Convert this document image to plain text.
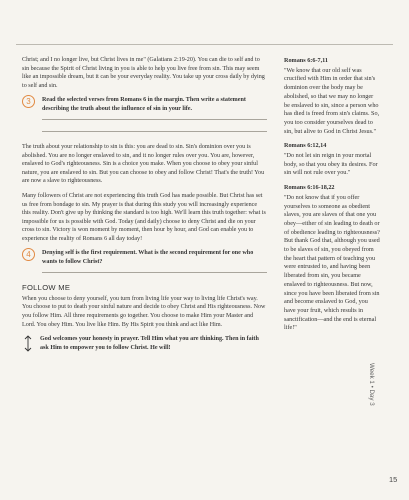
Christ; and I no longer live, but Christ lives in me" (Galatians 2:19-20). You can die to self and to sin because the Spirit of Christ living in you is able to help you live free from sin. This may seem like an impossible dream, but it can be your everyday reality. You take up your cross daily by dying to self and sin.

3	Read the selected verses from Romans 6 in the margin. Then write a statement describing the truth about the influence of sin in your life.

The truth about your relationship to sin is this: you are dead to sin. Sin's dominion over you is abolished. You are no longer enslaved to sin, and it no longer rules over you. You are, however, enslaved to God's righteousness. Sin is a choice you make. When you choose to obey your sinful nature, you are enslaved to sin. But you can choose to obey and follow Christ! That's the truth! You are now a slave to righteousness.

Many followers of Christ are not experiencing this truth God has made possible. But Christ has set us free from bondage to sin. My prayer is that during this study you will increasingly experience this reality. Don't give up by thinking the standard is too high. We'll learn this truth together: what is impossible for us is possible with God. Today (and daily) choose to deny Christ and die on your cross to sin. Victory is won moment by moment, then hour by hour, and God can enable you to experience the reality of Romans 6 all day today!

4	Denying self is the first requirement. What is the second requirement for one who wants to follow Christ?
FOLLOW ME

When you choose to deny yourself, you turn from living life your way to living life Christ's way. You choose to put to death your sinful nature and decide to obey Christ and His righteousness. Now you follow Him. All three requirements go together. You choose to make Him your Master and Lord. You obey Him. You live like Him. By His Spirit you think and act like Him.

God welcomes your honesty in prayer. Tell Him what you are thinking. Then in faith ask Him to empower you to follow Christ. He will!
Romans 6:6-7,11
"We know that our old self was crucified with Him in order that sin's dominion over the body may be abolished, so that we may no longer be enslaved to sin, since a person who has died is freed from sin's claims. So, you too consider yourselves dead to sin, but alive to God in Christ Jesus."
Romans 6:12,14
"Do not let sin reign in your mortal body, so that you obey its desires. For sin will not rule over you."
Romans 6:16-18,22
"Do not know that if you offer yourselves to someone as obedient slaves, you are slaves of that one you obey—either of sin leading to death or of obedience leading to righteousness? But thank God that, although you used to be slaves of sin, you obeyed from the heart that pattern of teaching you were entrusted to, and having been liberated from sin, you became enslaved to righteousness. But now, since you have been liberated from sin and become enslaved to God, you have your fruit, which results in sanctification—and the end is eternal life!"
Week 1 • Day 3
15
